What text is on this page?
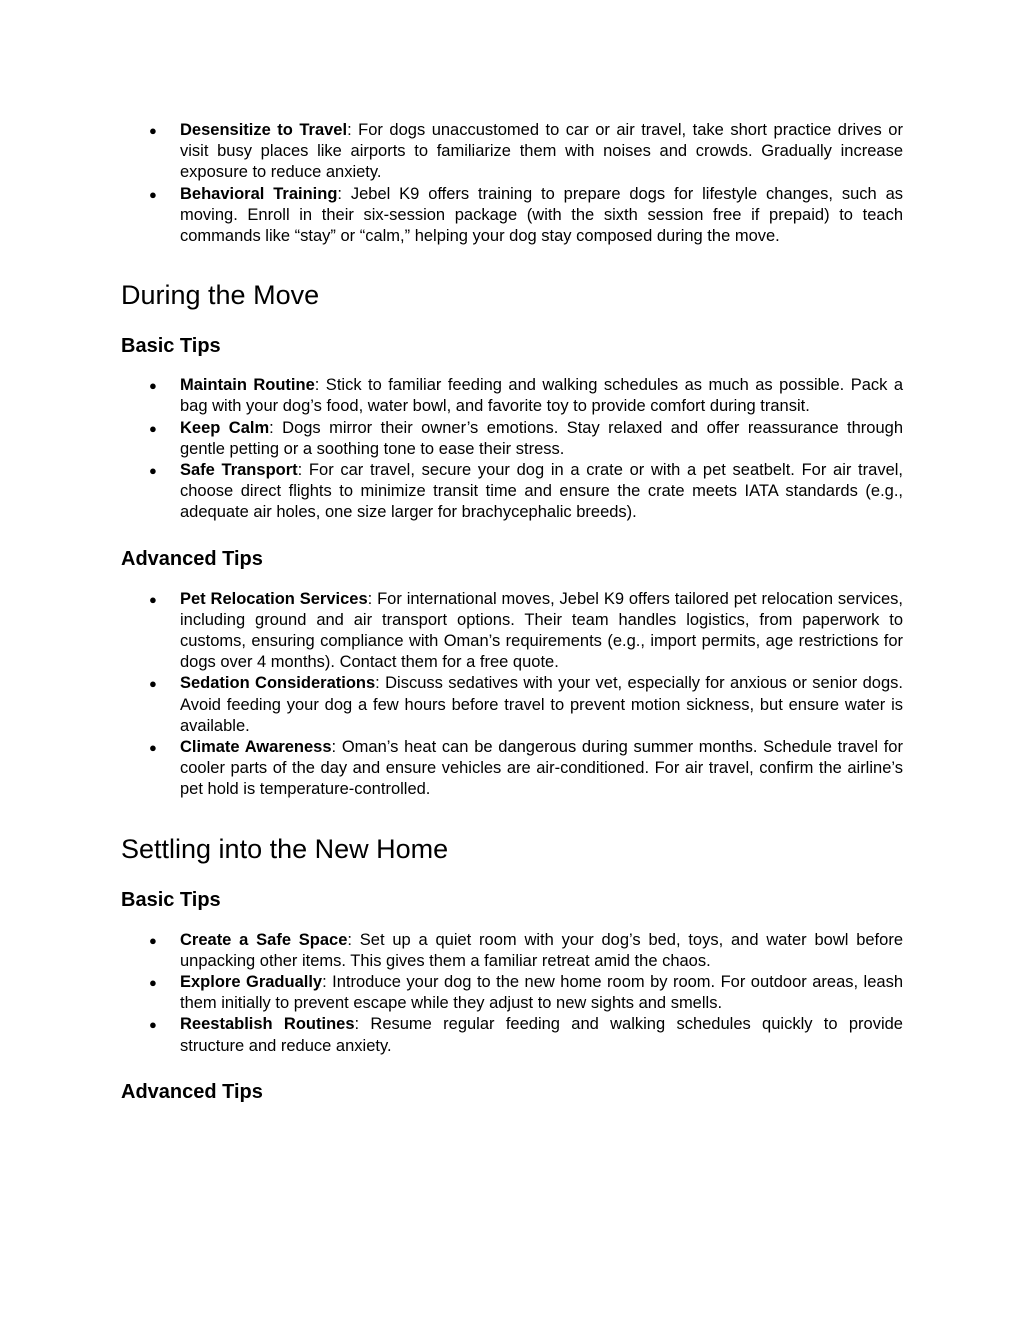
● Desensitize to Travel: For dogs unaccustomed to car or air travel, take short practice drives or visit busy places like airports to familiarize them with noises and crowds. Gradually increase exposure to reduce anxiety.
● Behavioral Training: Jebel K9 offers training to prepare dogs for lifestyle changes, such as moving. Enroll in their six-session package (with the sixth session free if prepaid) to teach commands like “stay” or “calm,” helping your dog stay composed during the move.
During the Move
Basic Tips
● Maintain Routine: Stick to familiar feeding and walking schedules as much as possible. Pack a bag with your dog’s food, water bowl, and favorite toy to provide comfort during transit.
● Keep Calm: Dogs mirror their owner’s emotions. Stay relaxed and offer reassurance through gentle petting or a soothing tone to ease their stress.
● Safe Transport: For car travel, secure your dog in a crate or with a pet seatbelt. For air travel, choose direct flights to minimize transit time and ensure the crate meets IATA standards (e.g., adequate air holes, one size larger for brachycephalic breeds).
Advanced Tips
● Pet Relocation Services: For international moves, Jebel K9 offers tailored pet relocation services, including ground and air transport options. Their team handles logistics, from paperwork to customs, ensuring compliance with Oman’s requirements (e.g., import permits, age restrictions for dogs over 4 months). Contact them for a free quote.
● Sedation Considerations: Discuss sedatives with your vet, especially for anxious or senior dogs. Avoid feeding your dog a few hours before travel to prevent motion sickness, but ensure water is available.
● Climate Awareness: Oman’s heat can be dangerous during summer months. Schedule travel for cooler parts of the day and ensure vehicles are air-conditioned. For air travel, confirm the airline’s pet hold is temperature-controlled.
Settling into the New Home
Basic Tips
● Create a Safe Space: Set up a quiet room with your dog’s bed, toys, and water bowl before unpacking other items. This gives them a familiar retreat amid the chaos.
● Explore Gradually: Introduce your dog to the new home room by room. For outdoor areas, leash them initially to prevent escape while they adjust to new sights and smells.
● Reestablish Routines: Resume regular feeding and walking schedules quickly to provide structure and reduce anxiety.
Advanced Tips
